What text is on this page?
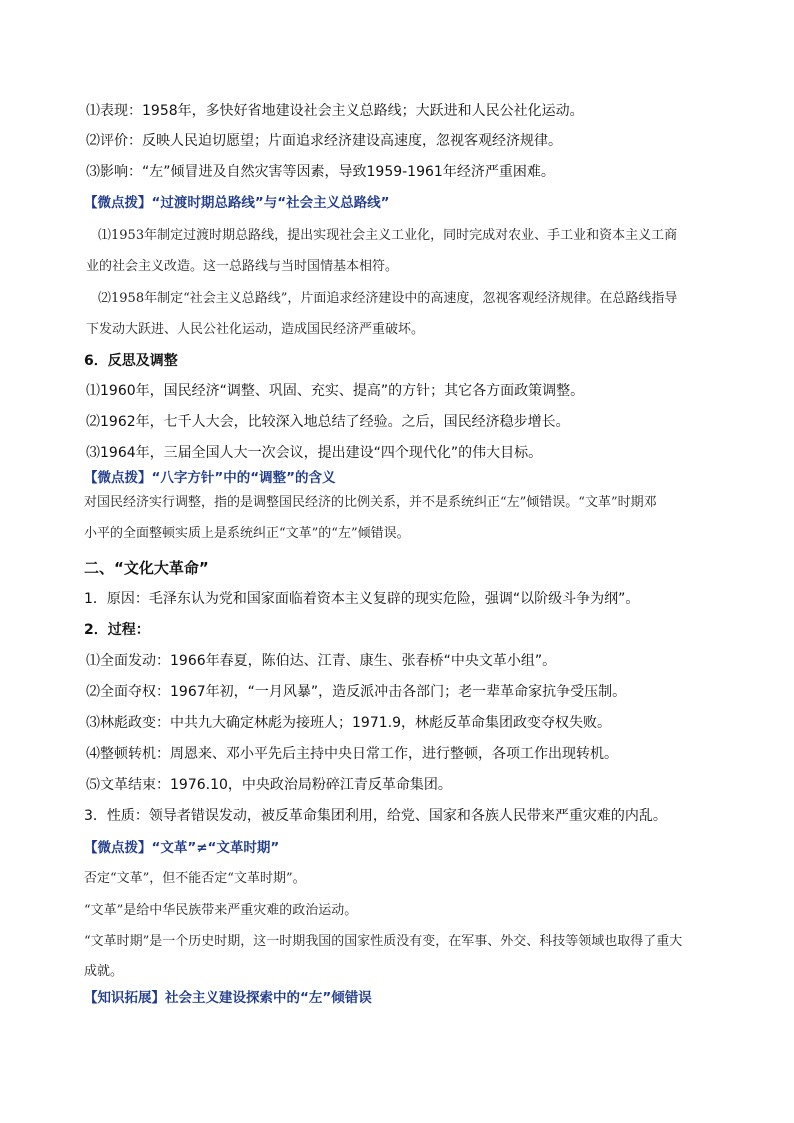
⑴表现：1958年，多快好省地建设社会主义总路线；大跃进和人民公社化运动。
⑵评价：反映人民迫切愿望；片面追求经济建设高速度，忽视客观经济规律。
⑶影响：“左”倾冒进及自然灾害等因素，导致1959-1961年经济严重困难。
【微点拨】“过渡时期总路线”与“社会主义总路线”
⑴1953年制定过渡时期总路线，提出实现社会主义工业化，同时完成对农业、手工业和资本主义工商
业的社会主义改造。这一总路线与当时国情基本相符。
⑵1958年制定“社会主义总路线”，片面追求经济建设中的高速度，忽视客观经济规律。在总路线指导
下发动大跃进、人民公社化运动，造成国民经济严重破坏。
6．反思及调整
⑴1960年，国民经济“调整、巩固、充实、提高”的方针；其它各方面政策调整。
⑵1962年，七千人大会，比较深入地总结了经验。之后，国民经济稳步增长。
⑶1964年，三届全国人大一次会议，提出建设“四个现代化”的伟大目标。
【微点拨】“八字方针”中的“调整”的含义
对国民经济实行调整，指的是调整国民经济的比例关系，并不是系统纠正“左”倾错误。“文革”时期邓
小平的全面整顿实质上是系统纠正“文革”的“左”倾错误。
二、“文化大革命”
1．原因：毛泽东认为党和国家面临着资本主义复辟的现实危险，强调“以阶级斗争为纲”。
2．过程：
⑴全面发动：1966年春夏，陈伯达、江青、康生、张春桥“中央文革小组”。
⑵全面夺权：1967年初，“一月风暴”，造反派冲击各部门；老一辈革命家抗争受压制。
⑶林彪政变：中共九大确定林彪为接班人；1971.9，林彪反革命集团政变夺权失败。
⑷整顿转机：周恩来、邓小平先后主持中央日常工作，进行整顿，各项工作出现转机。
⑸文革结束：1976.10，中央政治局粉碎江青反革命集团。
3．性质：领导者错误发动，被反革命集团利用，给党、国家和各族人民带来严重灾难的内乱。
【微点拨】“文革”≠“文革时期”
否定“文革”，但不能否定“文革时期”。
“文革”是给中华民族带来严重灾难的政治运动。
“文革时期”是一个历史时期，这一时期我国的国家性质没有变，在军事、外交、科技等领域也取得了重大
成就。
【知识拓展】社会主义建设探索中的“左”倾错误
